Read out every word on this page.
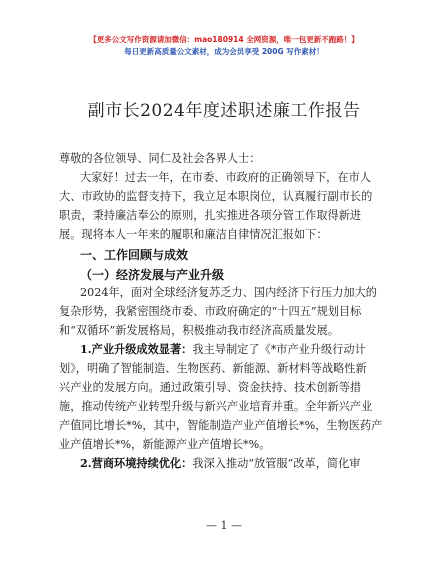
【更多公文写作资源请加微信：mao180914 全网资源，唯一包更新不跑路！】
每日更新高质量公文素材，成为会员享受 200G 写作素材！
副市长2024年度述职述廉工作报告
尊敬的各位领导、同仁及社会各界人士：
大家好！过去一年，在市委、市政府的正确领导下，在市人
大、市政协的监督支持下，我立足本职岗位，认真履行副市长的
职责，秉持廉洁奉公的原则，扎实推进各项分管工作取得新进
展。现将本人一年来的履职和廉洁自律情况汇报如下：
一、工作回顾与成效
（一）经济发展与产业升级
2024年，面对全球经济复苏乏力、国内经济下行压力加大的
复杂形势，我紧密围绕市委、市政府确定的“十四五”规划目标
和“双循环”新发展格局，积极推动我市经济高质量发展。
1.产业升级成效显著：我主导制定了《*市产业升级行动计
划》，明确了智能制造、生物医药、新能源、新材料等战略性新
兴产业的发展方向。通过政策引导、资金扶持、技术创新等措
施，推动传统产业转型升级与新兴产业培育并重。全年新兴产业
产值同比增长*%，其中，智能制造产业产值增长*%，生物医药产
业产值增长*%，新能源产业产值增长*%。
2.营商环境持续优化：我深入推动“放管服”改革，简化审
— 1 —
